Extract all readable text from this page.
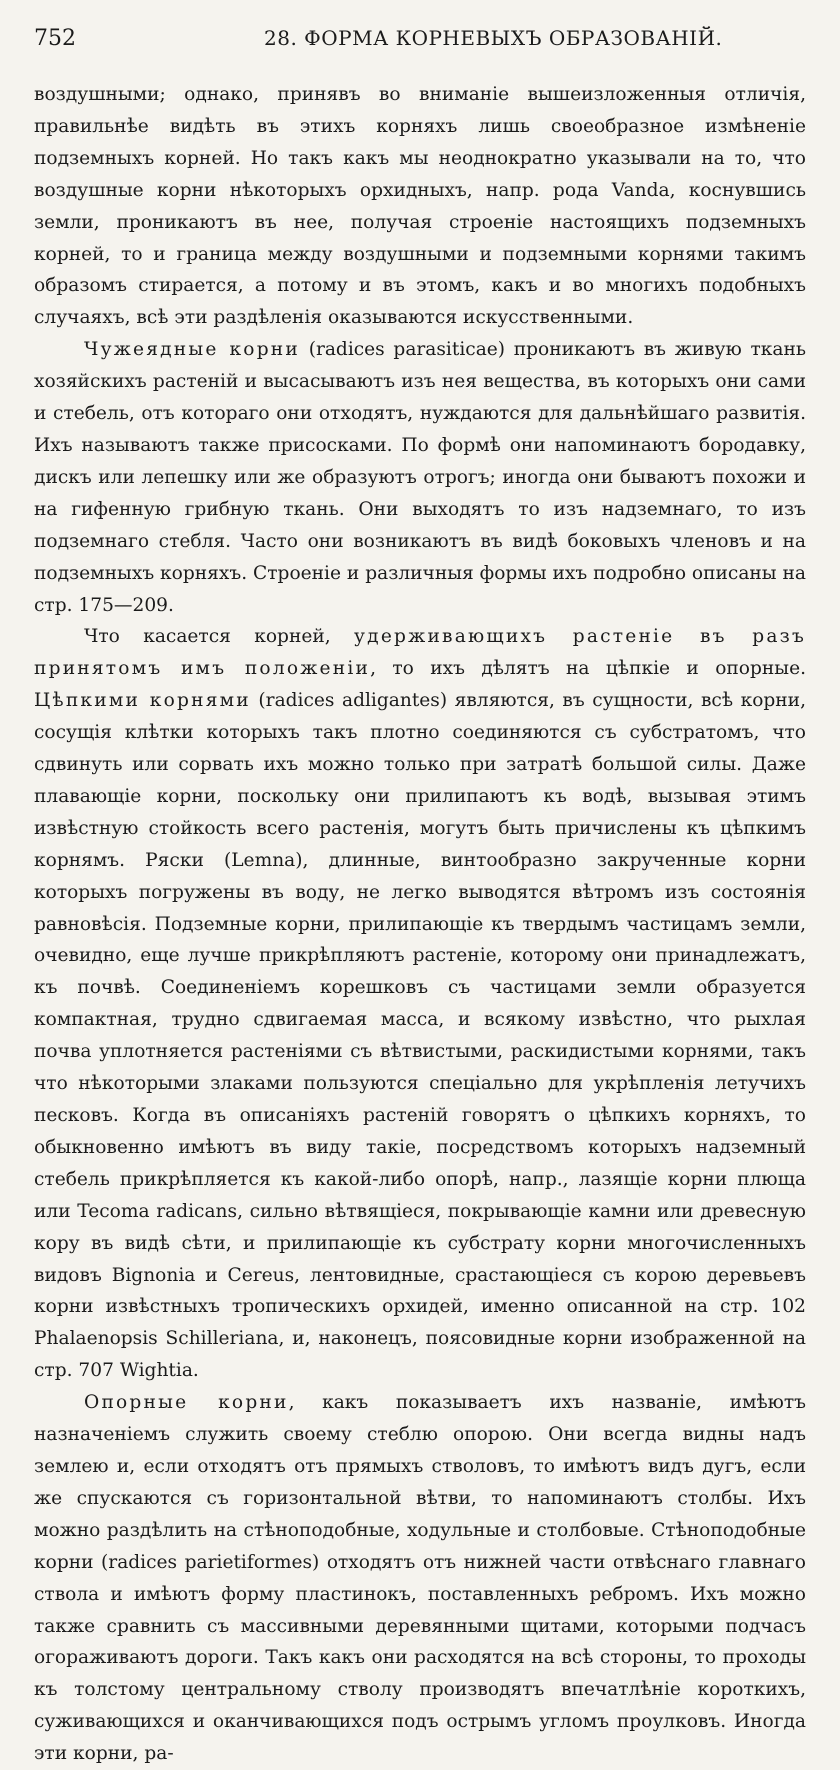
752	28. ФОРМА КОРНЕВЫХЪ ОБРАЗОВАНІЙ.

воздушными; однако, принявъ во вниманіе вышеизложенныя отличія, правильнѣе видѣть въ этихъ корняхъ лишь своеобразное измѣненіе подземныхъ корней. Но такъ какъ мы неоднократно указывали на то, что воздушные корни нѣкоторыхъ орхидныхъ, напр. рода Vanda, коснувшись земли, проникаютъ въ нее, получая строеніе настоящихъ подземныхъ корней, то и граница между воздушными и подземными корнями такимъ образомъ стирается, а потому и въ этомъ, какъ и во многихъ подобныхъ случаяхъ, всѣ эти раздѣленія оказываются искусственными.

Чужеядные корни (radices parasiticae) проникаютъ въ живую ткань хозяйскихъ растеній и высасываютъ изъ нея вещества, въ которыхъ они сами и стебель, отъ котораго они отходятъ, нуждаются для дальнѣйшаго развитія. Ихъ называютъ также присосками. По формѣ они напоминаютъ бородавку, дискъ или лепешку или же образуютъ отрогъ; иногда они бываютъ похожи и на гифенную грибную ткань. Они выходятъ то изъ надземнаго, то изъ подземнаго стебля. Часто они возникаютъ въ видѣ боковыхъ членовъ и на подземныхъ корняхъ. Строеніе и различныя формы ихъ подробно описаны на стр. 175—209.

Что касается корней, удерживающихъ растеніе въ разъ принятомъ имъ положеніи, то ихъ дѣлятъ на цѣпкіе и опорные. Цѣпкими корнями (radices adligantes) являются, въ сущности, всѣ корни, сосущія клѣтки которыхъ такъ плотно соединяются съ субстратомъ, что сдвинуть или сорвать ихъ можно только при затратѣ большой силы. Даже плавающіе корни, поскольку они прилипаютъ къ водѣ, вызывая этимъ извѣстную стойкость всего растенія, могутъ быть причислены къ цѣпкимъ корнямъ. Ряски (Lemna), длинные, винтообразно закрученные корни которыхъ погружены въ воду, не легко выводятся вѣтромъ изъ состоянія равновѣсія. Подземные корни, прилипающіе къ твердымъ частицамъ земли, очевидно, еще лучше прикрѣпляютъ растеніе, которому они принадлежатъ, къ почвѣ. Соединеніемъ корешковъ съ частицами земли образуется компактная, трудно сдвигаемая масса, и всякому извѣстно, что рыхлая почва уплотняется растеніями съ вѣтвистыми, раскидистыми корнями, такъ что нѣкоторыми злаками пользуются спеціально для укрѣпленія летучихъ песковъ. Когда въ описаніяхъ растеній говорятъ о цѣпкихъ корняхъ, то обыкновенно имѣютъ въ виду такіе, посредствомъ которыхъ надземный стебель прикрѣпляется къ какой-либо опорѣ, напр., лазящіе корни плюща или Tecoma radicans, сильно вѣтвящіеся, покрывающіе камни или древесную кору въ видѣ сѣти, и прилипающіе къ субстрату корни многочисленныхъ видовъ Bignonia и Cereus, лентовидные, срастающіеся съ корою деревьевъ корни извѣстныхъ тропическихъ орхидей, именно описанной на стр. 102 Phalaenopsis Schilleriana, и, наконецъ, поясовидные корни изображенной на стр. 707 Wightia.

Опорные корни, какъ показываетъ ихъ названіе, имѣютъ назначеніемъ служить своему стеблю опорою. Они всегда видны надъ землею и, если отходятъ отъ прямыхъ стволовъ, то имѣютъ видъ дугъ, если же спускаются съ горизонтальной вѣтви, то напоминаютъ столбы. Ихъ можно раздѣлить на стѣноподобные, ходульные и столбовые. Стѣноподобные корни (radices parietiformes) отходятъ отъ нижней части отвѣснаго главнаго ствола и имѣютъ форму пластинокъ, поставленныхъ ребромъ. Ихъ можно также сравнить съ массивными деревянными щитами, которыми подчасъ огораживаютъ дороги. Такъ какъ они расходятся на всѣ стороны, то проходы къ толстому центральному стволу производятъ впечатлѣніе короткихъ, суживающихся и оканчивающихся подъ острымъ угломъ проулковъ. Иногда эти корни, ра-
